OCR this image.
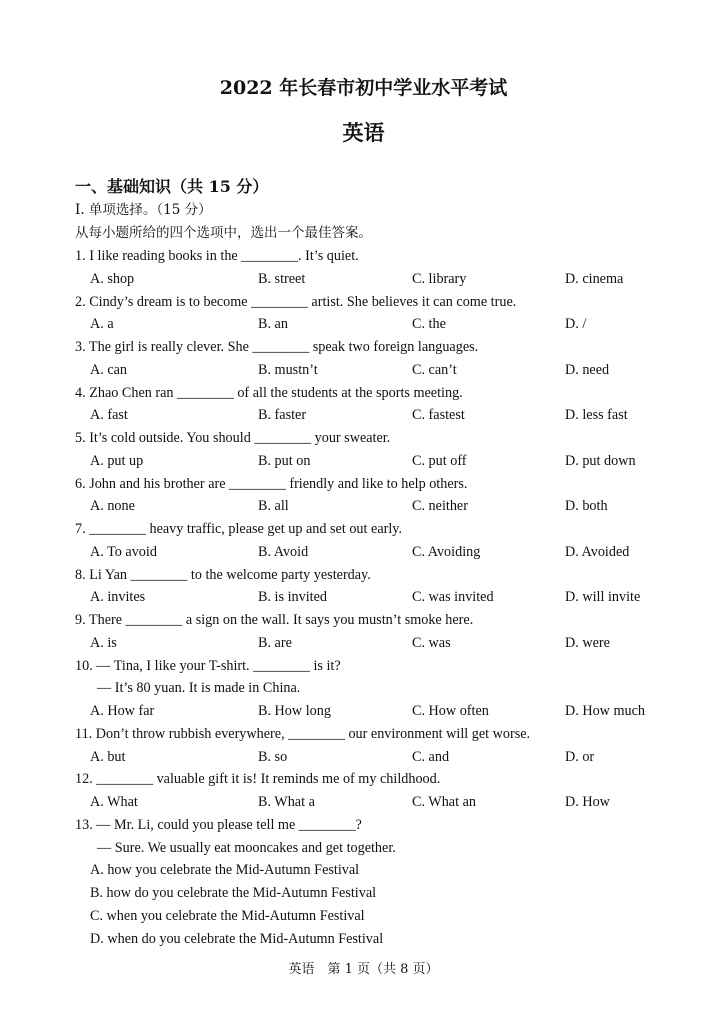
2022 年长春市初中学业水平考试
英语
一、基础知识（共 15 分）
I. 单项选择。（15 分）
从每小题所给的四个选项中，选出一个最佳答案。
1. I like reading books in the ________. It’s quiet.
A. shop	B. street	C. library	D. cinema
2. Cindy’s dream is to become ________ artist. She believes it can come true.
A. a	B. an	C. the	D. /
3. The girl is really clever. She ________ speak two foreign languages.
A. can	B. mustn’t	C. can’t	D. need
4. Zhao Chen ran ________ of all the students at the sports meeting.
A. fast	B. faster	C. fastest	D. less fast
5. It’s cold outside. You should ________ your sweater.
A. put up	B. put on	C. put off	D. put down
6. John and his brother are ________ friendly and like to help others.
A. none	B. all	C. neither	D. both
7. ________ heavy traffic, please get up and set out early.
A. To avoid	B. Avoid	C. Avoiding	D. Avoided
8. Li Yan ________ to the welcome party yesterday.
A. invites	B. is invited	C. was invited	D. will invite
9. There ________ a sign on the wall. It says you mustn’t smoke here.
A. is	B. are	C. was	D. were
10. — Tina, I like your T-shirt. ________ is it?
— It’s 80 yuan. It is made in China.
A. How far	B. How long	C. How often	D. How much
11. Don’t throw rubbish everywhere, ________ our environment will get worse.
A. but	B. so	C. and	D. or
12. ________ valuable gift it is! It reminds me of my childhood.
A. What	B. What a	C. What an	D. How
13. — Mr. Li, could you please tell me ________?
— Sure. We usually eat mooncakes and get together.
A. how you celebrate the Mid-Autumn Festival
B. how do you celebrate the Mid-Autumn Festival
C. when you celebrate the Mid-Autumn Festival
D. when do you celebrate the Mid-Autumn Festival
英语　第 1 页（共 8 页）
